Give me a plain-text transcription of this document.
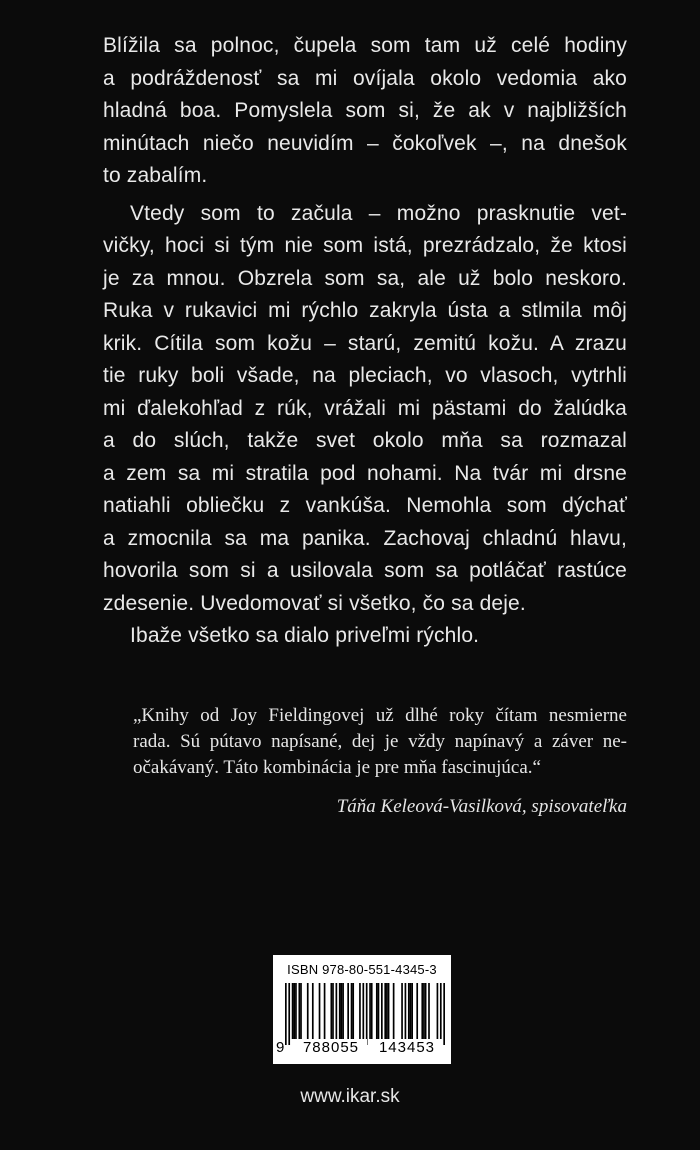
Blížila sa polnoc, čupela som tam už celé hodiny
a podráždenosť sa mi ovíjala okolo vedomia ako
hladná boa. Pomyslela som si, že ak v najbližších
minútach niečo neuvidím – čokoľvek –, na dnešok
to zabalím.

Vtedy som to začula – možno prasknutie vet-
vičky, hoci si tým nie som istá, prezrádzalo, že ktosi
je za mnou. Obzrela som sa, ale už bolo neskoro.
Ruka v rukavici mi rýchlo zakryla ústa a stlmila môj
krik. Cítila som kožu – starú, zemitú kožu. A zrazu
tie ruky boli všade, na pleciach, vo vlasoch, vytrhli
mi ďalekohľad z rúk, vrážali mi pästami do žalúdka
a do slúch, takže svet okolo mňa sa rozmazal
a zem sa mi stratila pod nohami. Na tvár mi drsne
natiahli obliečku z vankúša. Nemohla som dýchať
a zmocnila sa ma panika. Zachovaj chladnú hlavu,
hovorila som si a usilovala som sa potláčať rastúce
zdesenie. Uvedomovať si všetko, čo sa deje.

Ibaže všetko sa dialo priveľmi rýchlo.

„Knihy od Joy Fieldingovej už dlhé roky čítam nesmierne
rada. Sú pútavo napísané, dej je vždy napínavý a záver ne-
očakávaný. Táto kombinácia je pre mňa fascinujúca.“

Táňa Keleová-Vasilková, spisovateľka
ISBN 978-80-551-4345-3
9	788055	143453
www.ikar.sk
